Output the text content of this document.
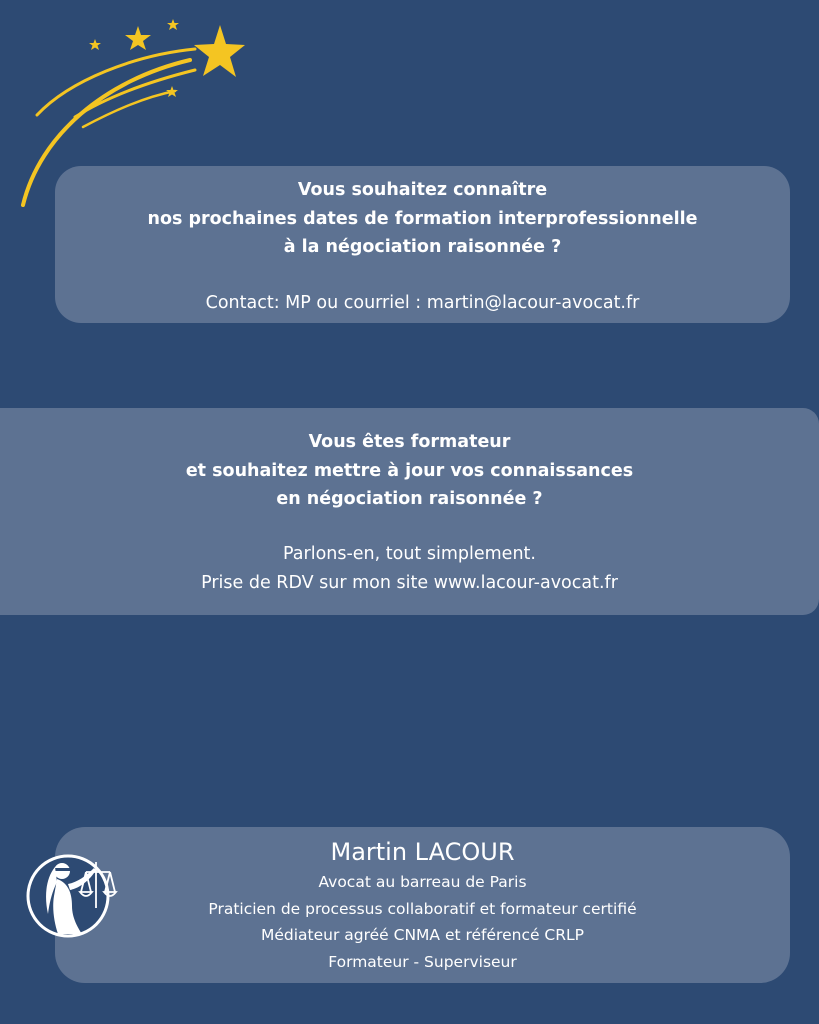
Vous souhaitez connaître
nos prochaines dates de formation interprofessionnelle
à la négociation raisonnée ?
Contact: MP ou courriel : martin@lacour-avocat.fr
Vous êtes formateur
et souhaitez mettre à jour vos connaissances
en négociation raisonnée ?
Parlons-en, tout simplement.
Prise de RDV sur mon site www.lacour-avocat.fr
Martin LACOUR
Avocat au barreau de Paris
Praticien de processus collaboratif et formateur certifié
Médiateur agréé CNMA et référencé CRLP
Formateur - Superviseur
